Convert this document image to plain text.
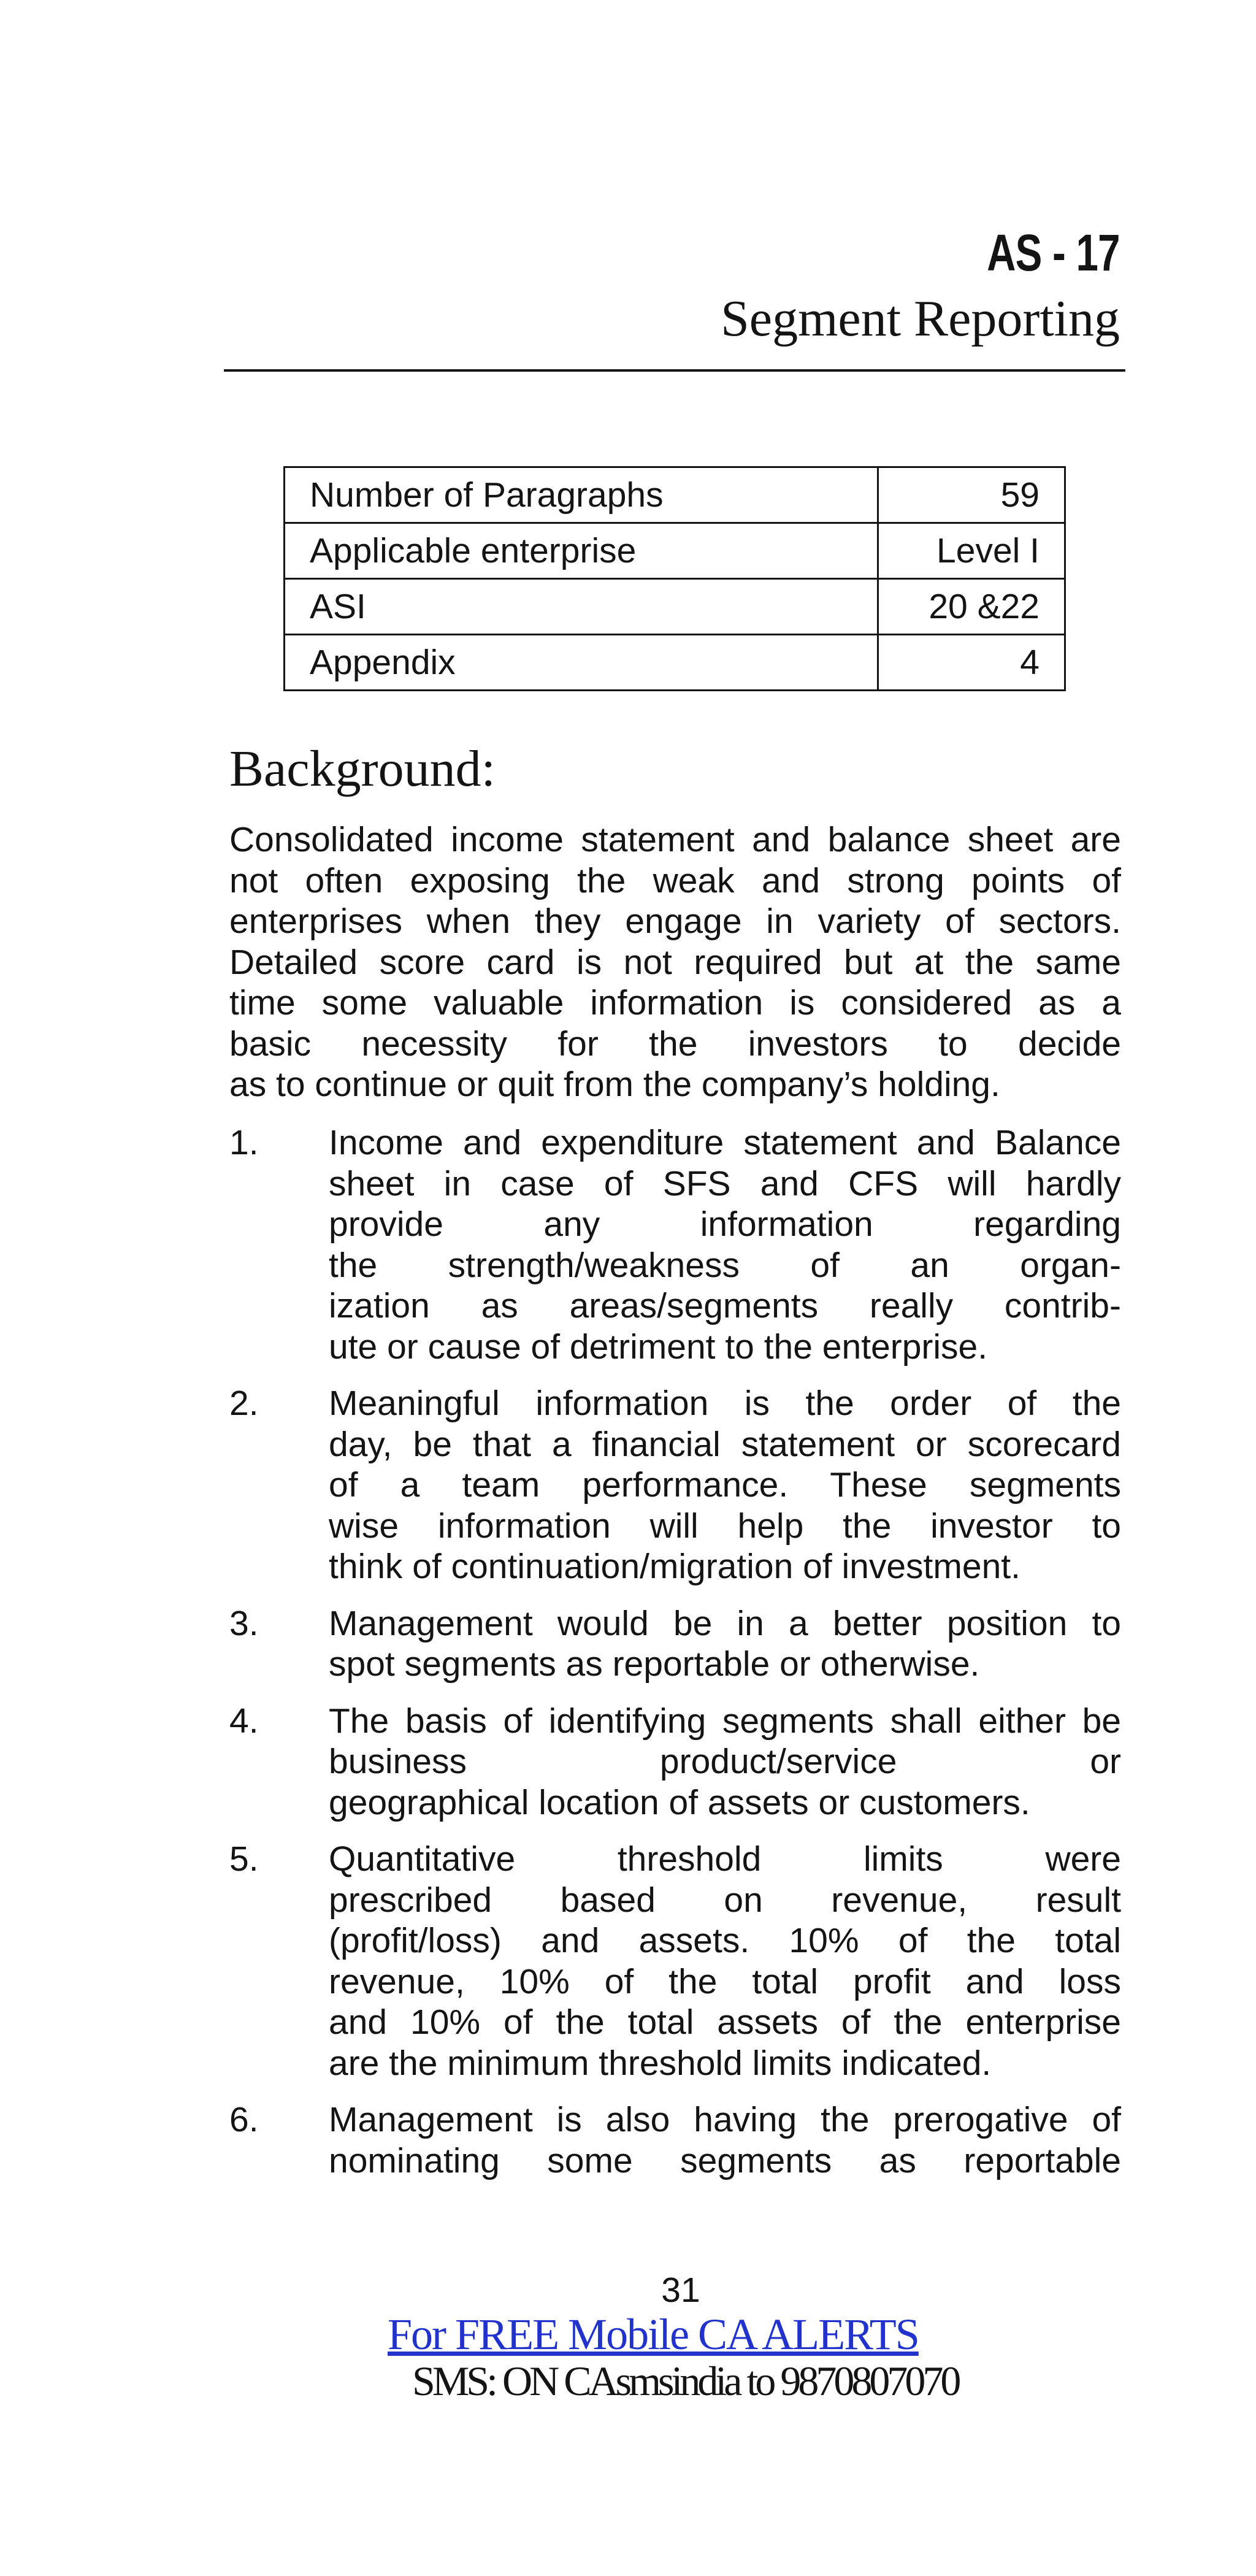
AS - 17
Segment Reporting
Number of Paragraphs	59
Applicable enterprise	Level I
ASI	20 &22
Appendix	4
Background:

Consolidated income statement and balance sheet are
not often exposing the weak and strong points of
enterprises when they engage in variety of sectors.
Detailed score card is not required but at the same
time some valuable information is considered as a
basic necessity for the investors to decide
as to continue or quit from the company’s holding.

1. Income and expenditure statement and Balance
sheet in case of SFS and CFS will hardly
provide any information regarding
the strength/weakness of an organ-
ization as areas/segments really contrib-
ute or cause of detriment to the enterprise.
2. Meaningful information is the order of the
day, be that a financial statement or scorecard
of a team performance. These segments
wise information will help the investor to
think of continuation/migration of investment.
3. Management would be in a better position to
spot segments as reportable or otherwise.
4. The basis of identifying segments shall either be
business product/service or
geographical location of assets or customers.
5. Quantitative threshold limits were
prescribed based on revenue, result
(profit/loss) and assets. 10% of the total
revenue, 10% of the total profit and loss
and 10% of the total assets of the enterprise
are the minimum threshold limits indicated.
6. Management is also having the prerogative of
nominating some segments as reportable
31
For FREE Mobile CA ALERTS
SMS: ON CAsmsindia to 9870807070
